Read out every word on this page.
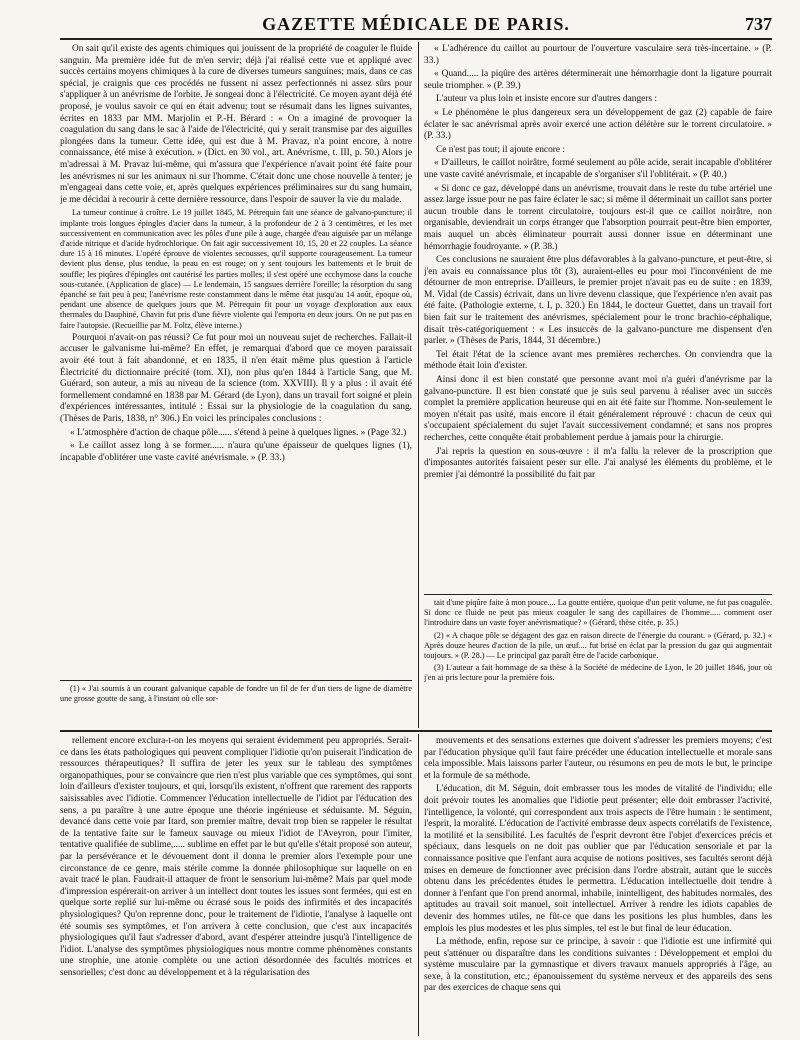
GAZETTE MÉDICALE DE PARIS.	737

On sait qu'il existe des agents chimiques qui jouissent de la propriété de coaguler le fluide sanguin. Ma première idée fut de m'en servir; déjà j'ai réalisé cette vue et appliqué avec succès certains moyens chimiques à la cure de diverses tumeurs sanguines; mais, dans ce cas spécial, je craignis que ces procédés ne fussent ni assez perfectionnés ni assez sûrs pour s'appliquer à un anévrisme de l'orbite. Je songeai donc à l'électricité. Ce moyen ayant déjà été proposé, je voulus savoir ce qui en était advenu; tout se résumait dans les lignes suivantes, écrites en 1833 par MM. Marjolin et P.-H. Bérard : « On a imaginé de provoquer la coagulation du sang dans le sac à l'aide de l'électricité, qui y serait transmise par des aiguilles plongées dans la tumeur. Cette idée, qui est due à M. Pravaz, n'a point encore, à notre connaissance, été mise à exécution. » (Dict. en 30 vol., art. Anévrisme, t. III, p. 50.) Alors je m'adressai à M. Pravaz lui-même, qui m'assura que l'expérience n'avait point été faite pour les anévrismes ni sur les animaux ni sur l'homme. C'était donc une chose nouvelle à tenter; je m'engageai dans cette voie, et, après quelques expériences préliminaires sur du sang humain, je me décidai à recourir à cette dernière ressource, dans l'espoir de sauver la vie du malade.

La tumeur continue à croître. Le 19 juillet 1845, M. Pétrequin fait une séance de galvano-puncture; il implante trois longues épingles d'acier dans la tumeur, à la profondeur de 2 à 3 centimètres, et les met successivement en communication avec les pôles d'une pile à auge, chargée d'eau aiguisée par un mélange d'acide nitrique et d'acide hydrochlorique. On fait agir successivement 10, 15, 20 et 22 couples. La séance dure 15 à 16 minutes. L'opéré éprouve de violentes secousses, qu'il supporte courageusement. La tumeur devient plus dense, plus tendue, la peau en est rouge; on y sent toujours les battements et le bruit de souffle; les piqûres d'épingles ont cautérisé les parties molles; il s'est opéré une ecchymose dans la couche sous-cutanée. (Application de glace) — Le lendemain, 15 sangsues derrière l'oreille; la résorption du sang épanché se fait peu à peu; l'anévrisme reste constamment dans le même état jusqu'au 14 août, époque où, pendant une absence de quelques jours que M. Pétrequin fit pour un voyage d'exploration aux eaux thermales du Dauphiné, Chavin fut pris d'une fièvre violente qui l'emporta en deux jours. On ne put pas en faire l'autopsie. (Recueillie par M. Foltz, élève interne.)

Pourquoi n'avait-on pas réussi? Ce fut pour moi un nouveau sujet de recherches. Fallait-il accuser le galvanisme lui-même? En effet, je remarquai d'abord que ce moyen paraissait avoir été tout à fait abandonné, et en 1835, il n'en était même plus question à l'article Électricité du dictionnaire précité (tom. XI), non plus qu'en 1844 à l'article Sang, que M. Guérard, son auteur, a mis au niveau de la science (tom. XXVIII). Il y a plus : il avait été formellement condamné en 1838 par M. Gérard (de Lyon), dans un travail fort soigné et plein d'expériences intéressantes, intitulé : Essai sur la physiologie de la coagulation du sang. (Thèses de Paris, 1838, n° 306.) En voici les principales conclusions :

« L'atmosphère d'action de chaque pôle...... s'étend à peine à quelques lignes. » (Page 32.)

« Le caillot assez long à se former...... n'aura qu'une épaisseur de quelques lignes (1), incapable d'oblitérer une vaste cavité anévrismale. » (P. 33.)

« L'adhérence du caillot au pourtour de l'ouverture vasculaire sera très-incertaine. » (P. 33.)

« Quand..... la piqûre des artères déterminerait une hémorrhagie dont la ligature pourrait seule triompher. » (P. 39.)

L'auteur va plus loin et insiste encore sur d'autres dangers :

« Le phénomène le plus dangereux sera un développement de gaz (2) capable de faire éclater le sac anévrismal après avoir exercé une action délétère sur le torrent circulatoire. » (P. 33.)

Ce n'est pas tout; il ajoute encore :

« D'ailleurs, le caillot noirâtre, formé seulement au pôle acide, serait incapable d'oblitérer une vaste cavité anévrismale, et incapable de s'organiser s'il l'oblitérait. » (P. 40.)

« Si donc ce gaz, développé dans un anévrisme, trouvait dans le reste du tube artériel une assez large issue pour ne pas faire éclater le sac; si même il déterminait un caillot sans porter aucun trouble dans le torrent circulatoire, toujours est-il que ce caillot noirâtre, non organisable, deviendrait un corps étranger que l'absorption pourrait peut-être bien emporter, mais auquel un abcès éliminateur pourrait aussi donner issue en déterminant une hémorrhagie foudroyante. » (P. 38.)

Ces conclusions ne sauraient être plus défavorables à la galvano-puncture, et peut-être, si j'en avais eu connaissance plus tôt (3), auraient-elles eu pour moi l'inconvénient de me détourner de mon entreprise. D'ailleurs, le premier projet n'avait pas eu de suite : en 1839, M. Vidal (de Cassis) écrivait, dans un livre devenu classique, que l'expérience n'en avait pas été faite. (Pathologie externe, t. I, p. 320.) En 1844, le docteur Guettet, dans un travail fort bien fait sur le traitement des anévrismes, spécialement pour le tronc brachio-céphalique, disait très-catégoriquement : « Les insuccès de la galvano-puncture me dispensent d'en parler. » (Thèses de Paris, 1844, 31 décembre.)

Tel était l'état de la science avant mes premières recherches. On conviendra que la méthode était loin d'exister.

Ainsi donc il est bien constaté que personne avant moi n'a guéri d'anévrisme par la galvano-puncture. Il est bien constaté que je suis seul parvenu à réaliser avec un succès complet la première application heureuse qui en ait été faite sur l'homme. Non-seulement le moyen n'était pas usité, mais encore il était généralement réprouvé : chacun de ceux qui s'occupaient spécialement du sujet l'avait successivement condamné; et sans nos propres recherches, cette conquête était probablement perdue à jamais pour la chirurgie.

J'ai repris la question en sous-œuvre : il m'a fallu la relever de la proscription que d'imposantes autorités faisaient peser sur elle. J'ai analysé les éléments du problème, et le premier j'ai démontré la possibilité du fait par

tait d'une piqûre faite à mon pouce.... La goutte entière, quoique d'un petit volume, ne fut pas coagulée. Si donc ce fluide ne peut pas mieux coaguler le sang des capillaires de l'homme..... comment oser l'introduire dans un vaste foyer anévrismatique? » (Gérard, thèse citée, p. 35.)

(2) « A chaque pôle se dégagent des gaz en raison directe de l'énergie du courant. » (Gérard, p. 32.) « Après douze heures d'action de la pile, un œuf.... fut brisé en éclat par la pression du gaz qui augmentait toujours. » (P. 28.) — Le principal gaz paraît être de l'acide carbonique.

(3) L'auteur a fait hommage de sa thèse à la Société de médecine de Lyon, le 20 juillet 1846, jour où j'en ai pris lecture pour la première fois.

(1) « J'ai soumis à un courant galvanique capable de fondre un fil de fer d'un tiers de ligne de diamètre une grosse goutte de sang, à l'instant où elle sor-

rellement encore exclura-t-on les moyens qui seraient évidemment peu appropriés. Serait-ce dans les états pathologiques qui peuvent compliquer l'idiotie qu'on puiserait l'indication de ressources thérapeutiques? Il suffira de jeter les yeux sur le tableau des symptômes organopathiques, pour se convaincre que rien n'est plus variable que ces symptômes, qui sont loin d'ailleurs d'exister toujours, et qui, lorsqu'ils existent, n'offrent que rarement des rapports saisissables avec l'idiotie. Commencer l'éducation intellectuelle de l'idiot par l'éducation des sens, a pu paraître à une autre époque une théorie ingénieuse et séduisante. M. Séguin, devancé dans cette voie par Itard, son premier maître, devait trop bien se rappeler le résultat de la tentative faite sur le fameux sauvage ou mieux l'idiot de l'Aveyron, pour l'imiter, tentative qualifiée de sublime,..... sublime en effet par le but qu'elle s'était proposé son auteur, par la persévérance et le dévouement dont il donna le premier alors l'exemple pour une circonstance de ce genre, mais stérile comme la donnée philosophique sur laquelle on en avait tracé le plan. Faudrait-il attaquer de front le sensorium lui-même? Mais par quel mode d'impression espérerait-on arriver à un intellect dont toutes les issues sont fermées, qui est en quelque sorte replié sur lui-même ou écrasé sous le poids des infirmités et des incapacités physiologiques? Qu'on reprenne donc, pour le traitement de l'idiotie, l'analyse à laquelle ont été soumis ses symptômes, et l'on arrivera à cette conclusion, que c'est aux incapacités physiologiques qu'il faut s'adresser d'abord, avant d'espérer atteindre jusqu'à l'intelligence de l'idiot. L'analyse des symptômes physiologiques nous montre comme phénomènes constants une strophie, une atonie complète ou une action désordonnée des facultés motrices et sensorielles; c'est donc au développement et à la régularisation des

mouvements et des sensations externes que doivent s'adresser les premiers moyens; c'est par l'éducation physique qu'il faut faire précéder une éducation intellectuelle et morale sans cela impossible. Mais laissons parler l'auteur, ou résumons en peu de mots le but, le principe et la formule de sa méthode.

L'éducation, dit M. Séguin, doit embrasser tous les modes de vitalité de l'individu; elle doit prévoir toutes les anomalies que l'idiotie peut présenter; elle doit embrasser l'activité, l'intelligence, la volonté, qui correspondent aux trois aspects de l'être humain : le sentiment, l'esprit, la moralité. L'éducation de l'activité embrasse deux aspects corrélatifs de l'existence, la motilité et la sensibilité. Les facultés de l'esprit devront être l'objet d'exercices précis et spéciaux, dans lesquels on ne doit pas oublier que par l'éducation sensoriale et par la connaissance positive que l'enfant aura acquise de notions positives, ses facultés seront déjà mises en demeure de fonctionner avec précision dans l'ordre abstrait, autant que le succès obtenu dans les précédentes études le permettra. L'éducation intellectuelle doit tendre à donner à l'enfant que l'on prend anormal, inhabile, inintelligent, des habitudes normales, des aptitudes au travail soit manuel, soit intellectuel. Arriver à rendre les idiots capables de devenir des hommes utiles, ne fût-ce que dans les positions les plus humbles, dans les emplois les plus modestes et les plus simples, tel est le but final de leur éducation.

La méthode, enfin, repose sur ce principe, à savoir : que l'idiotie est une infirmité qui peut s'atténuer ou disparaître dans les conditions suivantes : Développement et emploi du système musculaire par la gymnastique et divers travaux manuels appropriés à l'âge, au sexe, à la constitution, etc.; épanouissement du système nerveux et des appareils des sens par des exercices de chaque sens qui
